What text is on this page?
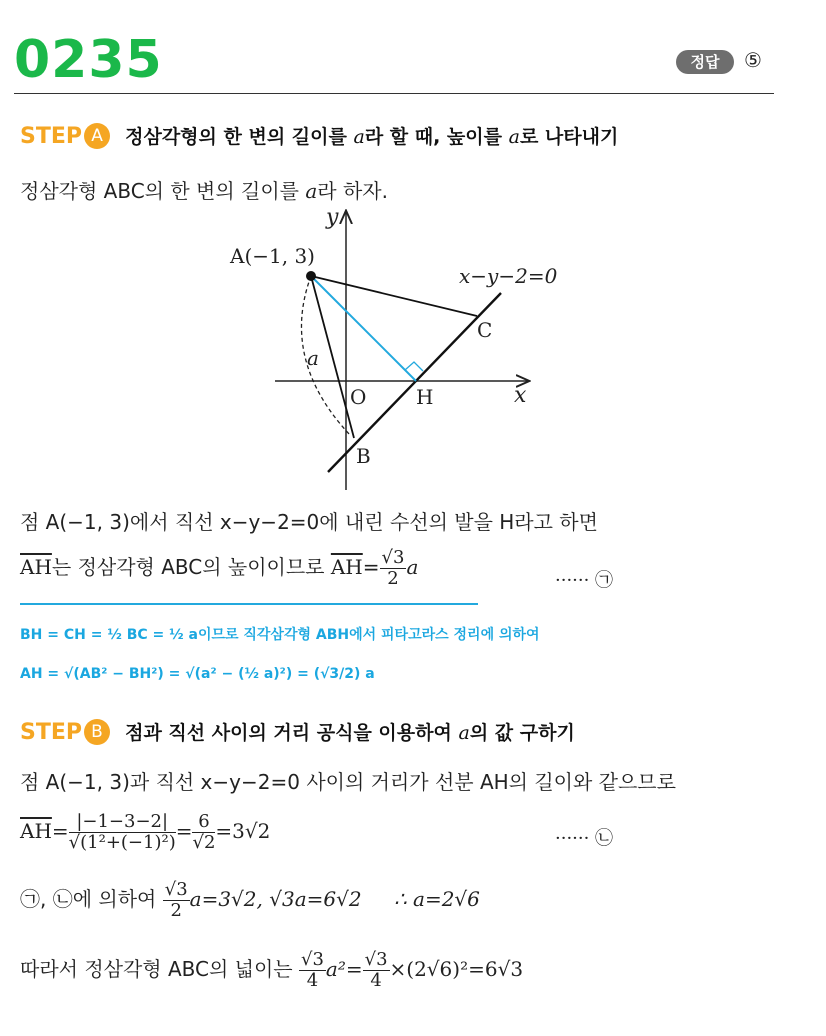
0235	정답	⑤
STEP A 정삼각형의 한 변의 길이를 a라 할 때, 높이를 a로 나타내기
정삼각형 ABC의 한 변의 길이를 a라 하자.
A(−1, 3)
y
x
O H
B
C
x−y−2=0
a
점 A(−1, 3)에서 직선 x−y−2=0에 내린 수선의 발을 H라고 하면
$\overline{AH}$는 정삼각형 ABC의 높이이므로 $\overline{AH}= \frac{√3}{2}$ a
······ ㉠
BH = CH = ½ BC = ½ a이므로 직각삼각형 ABH에서 피타고라스 정리에 의하여
AH = √(AB² − BH²) = √(a² − (½ a)²) = (√3/2) a
STEP B 점과 직선 사이의 거리 공식을 이용하여 a의 값 구하기
점 A(−1, 3)과 직선 x−y−2=0 사이의 거리가 선분 AH의 길이와 같으므로
$\overline{AH}= \frac{|-1-3-2|}{\text{√(1²+(−1)²)}} = \frac{6}{√2} =3√2$	······ ㉡
㉠, ㉡에 의하여 $\frac{√3}{2} a=3√2$, √3a=6√2 ∴ a=2√6
따라서 정삼각형 ABC의 넓이는 $\frac{√3}{4} a^2= \frac{√3}{4} \times(2√6)^2=6√3$
